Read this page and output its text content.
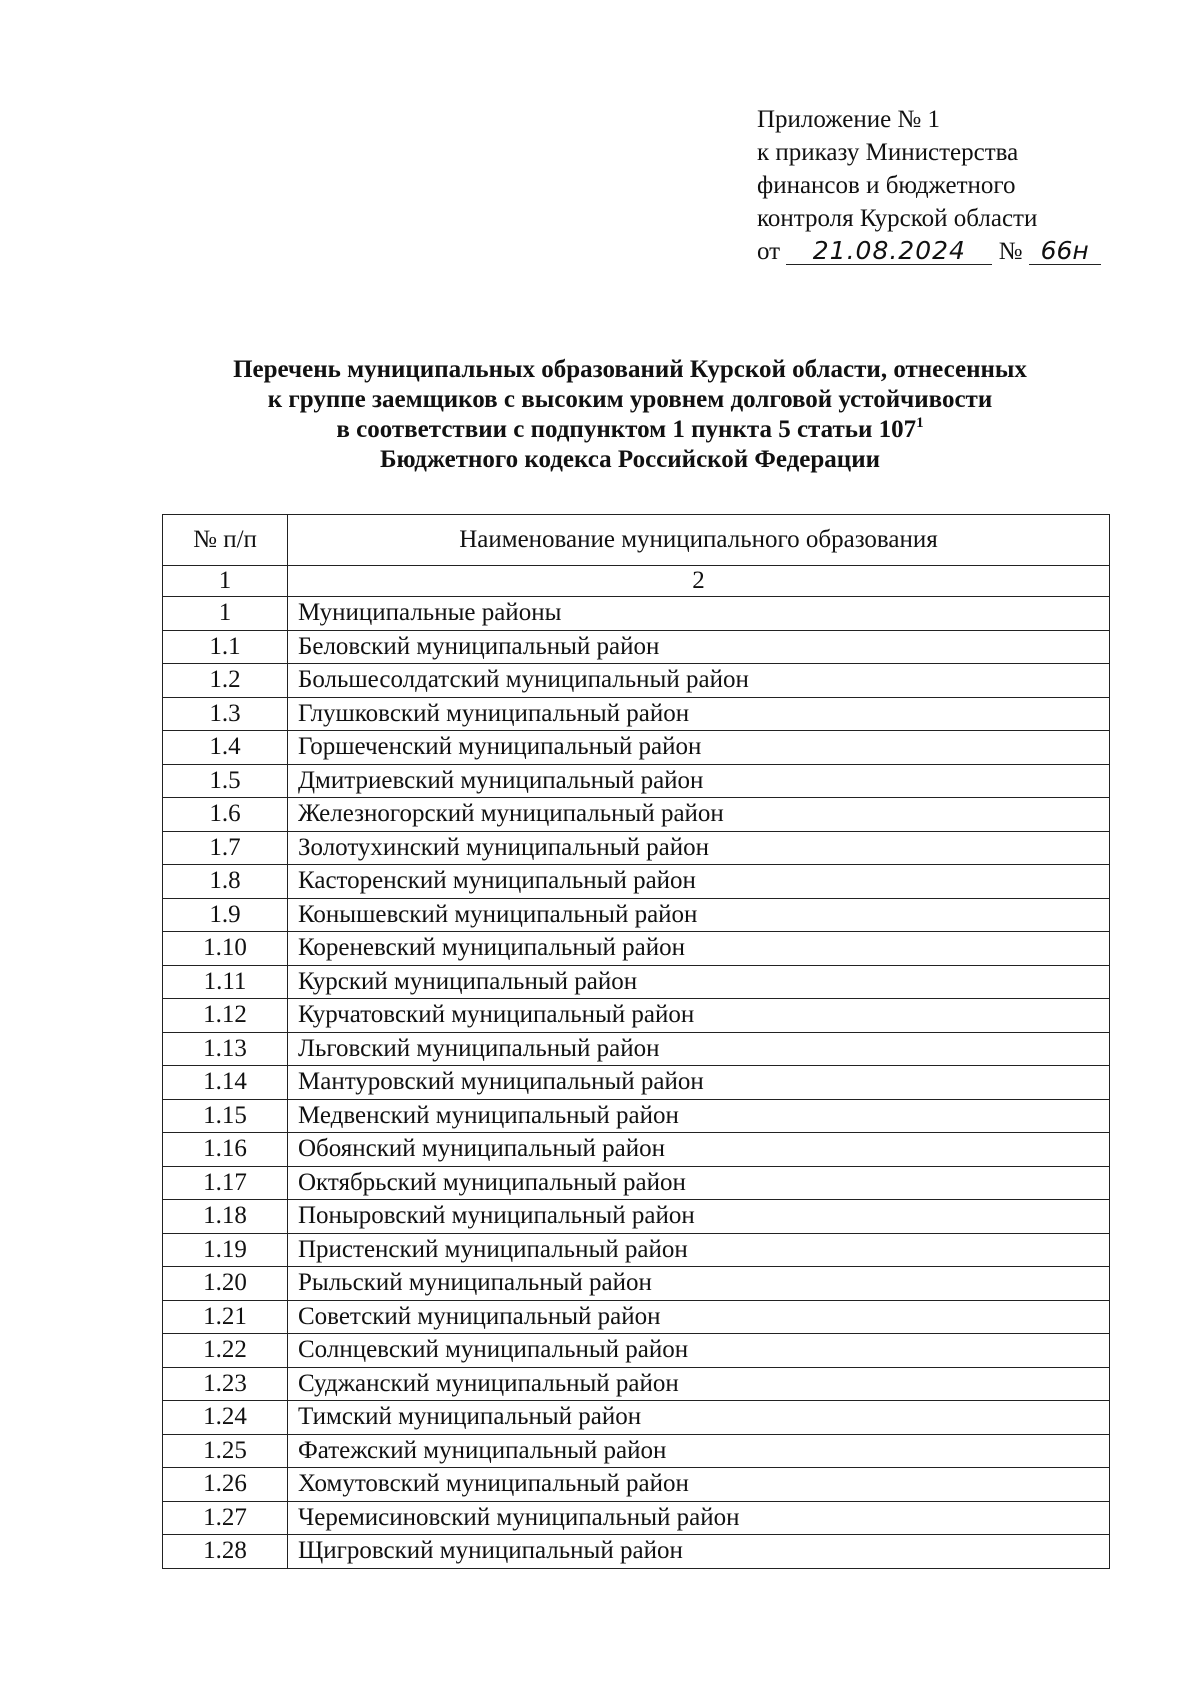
Приложение № 1
к приказу Министерства
финансов и бюджетного
контроля Курской области
от 21.08.2024 № 66н
Перечень муниципальных образований Курской области, отнесенных
к группе заемщиков с высоким уровнем долговой устойчивости
в соответствии с подпунктом 1 пункта 5 статьи $107^1$
Бюджетного кодекса Российской Федерации
№ п/п	Наименование муниципального образования
1	2
1	Муниципальные районы
1.1	Беловский муниципальный район
1.2	Большесолдатский муниципальный район
1.3	Глушковский муниципальный район
1.4	Горшеченский муниципальный район
1.5	Дмитриевский муниципальный район
1.6	Железногорский муниципальный район
1.7	Золотухинский муниципальный район
1.8	Касторенский муниципальный район
1.9	Конышевский муниципальный район
1.10	Кореневский муниципальный район
1.11	Курский муниципальный район
1.12	Курчатовский муниципальный район
1.13	Льговский муниципальный район
1.14	Мантуровский муниципальный район
1.15	Медвенский муниципальный район
1.16	Обоянский муниципальный район
1.17	Октябрьский муниципальный район
1.18	Поныровский муниципальный район
1.19	Пристенский муниципальный район
1.20	Рыльский муниципальный район
1.21	Советский муниципальный район
1.22	Солнцевский муниципальный район
1.23	Суджанский муниципальный район
1.24	Тимский муниципальный район
1.25	Фатежский муниципальный район
1.26	Хомутовский муниципальный район
1.27	Черемисиновский муниципальный район
1.28	Щигровский муниципальный район
